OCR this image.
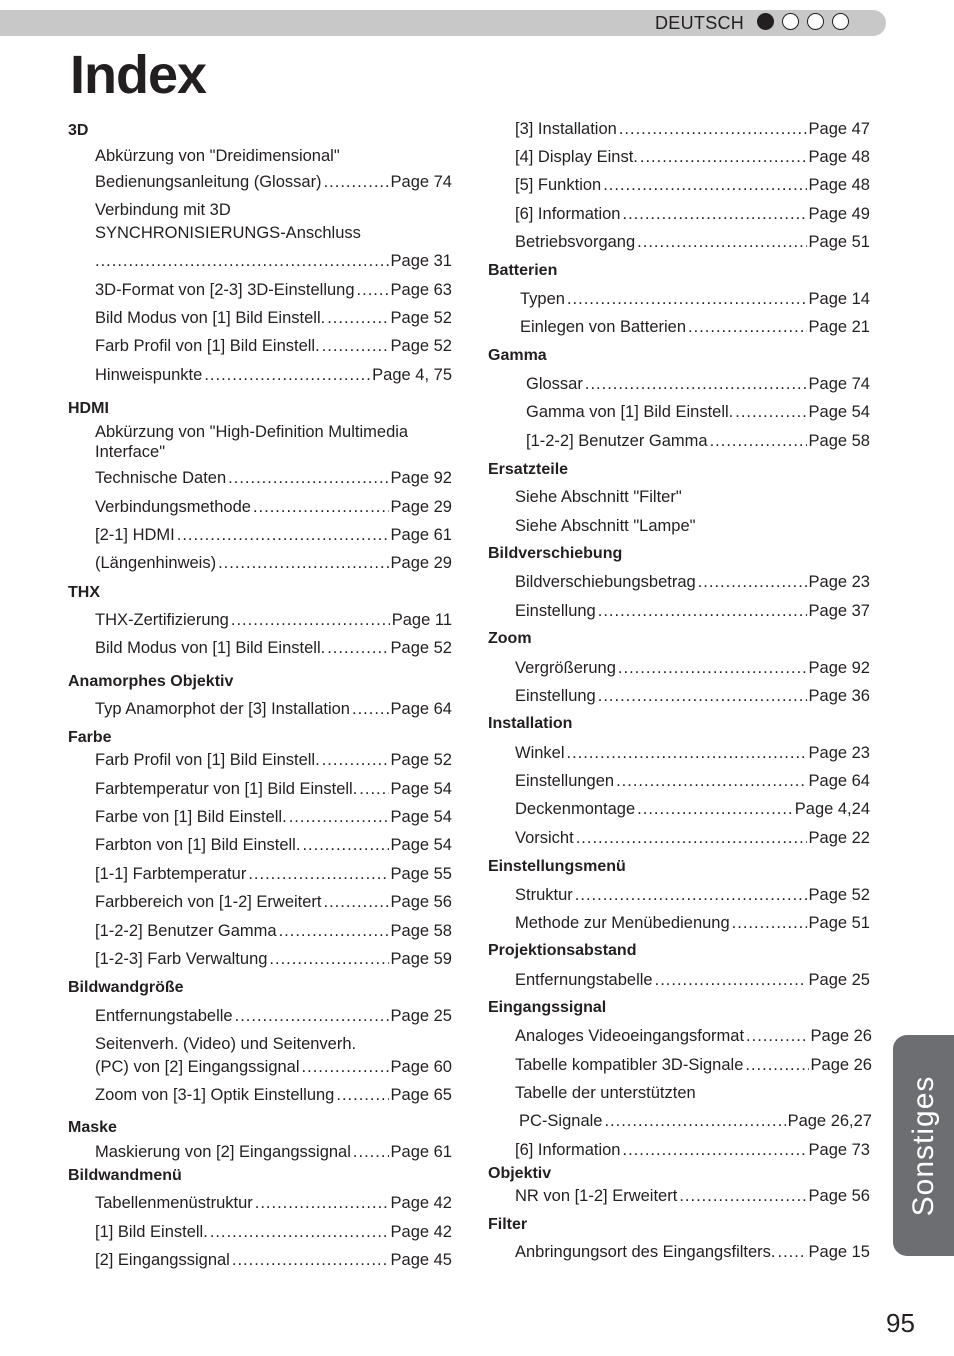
DEUTSCH
Index
3D
Abkürzung von "Dreidimensional"
Bedienungsanleitung (Glossar) .....	Page 74
Verbindung mit 3D
SYNCHRONISIERUNGS-Anschluss
.....
Page 31
3D-Format von [2-3] 3D-Einstellung ..... Page 63
Bild Modus von [1] Bild Einstell. .....	Page 52
Farb Profil von [1] Bild Einstell. .....	Page 52
Hinweispunkte .....	Page 4, 75
HDMI
Abkürzung von "High-Definition Multimedia
Interface"
Technische Daten .....	Page 92
Verbindungsmethode .....	Page 29
[2-1] HDMI .....	Page 61
(Längenhinweis) .....	Page 29
THX
THX-Zertifizierung .....	Page 11
Bild Modus von [1] Bild Einstell. .....	Page 52
Anamorphes Objektiv
Typ Anamorphot der [3] Installation ..... Page 64
Farbe
Farb Profil von [1] Bild Einstell. .....	Page 52
Farbtemperatur von [1] Bild Einstell. ..... Page 54
Farbe von [1] Bild Einstell. .....	Page 54
Farbton von [1] Bild Einstell. .....	Page 54
[1-1] Farbtemperatur .....	Page 55
Farbbereich von [1-2] Erweitert .....	Page 56
[1-2-2] Benutzer Gamma .....	Page 58
[1-2-3] Farb Verwaltung .....	Page 59
Bildwandgröße
Entfernungstabelle .....	Page 25
Seitenverh. (Video) und Seitenverh.
(PC) von [2] Eingangssignal .....	Page 60
Zoom von [3-1] Optik Einstellung .....	Page 65
Maske
Maskierung von [2] Eingangssignal ..... Page 61
Bildwandmenü
Tabellenmenüstruktur .....	Page 42
[1] Bild Einstell. .....	Page 42
[2] Eingangssignal .....	Page 45
[3] Installation .....	Page 47
[4] Display Einst. .....	Page 48
[5] Funktion .....	Page 48
[6] Information .....	Page 49
Betriebsvorgang .....	Page 51
Batterien
Typen .....	Page 14
Einlegen von Batterien .....	Page 21
Gamma
Glossar .....	Page 74
Gamma von [1] Bild Einstell. .....	Page 54
[1-2-2] Benutzer Gamma .....	Page 58
Ersatzteile
Siehe Abschnitt "Filter"
Siehe Abschnitt "Lampe"
Bildverschiebung
Bildverschiebungsbetrag .....	Page 23
Einstellung .....	Page 37
Zoom
Vergrößerung .....	Page 92
Einstellung .....	Page 36
Installation
Winkel .....	Page 23
Einstellungen .....	Page 64
Deckenmontage .....	Page 4,24
Vorsicht .....	Page 22
Einstellungsmenü
Struktur .....	Page 52
Methode zur Menübedienung .....	Page 51
Projektionsabstand
Entfernungstabelle .....	Page 25
Eingangssignal
Analoges Videoeingangsformat .....	Page 26
Tabelle kompatibler 3D-Signale .....	Page 26
Tabelle der unterstützten
PC-Signale .....	Page 26,27
[6] Information .....	Page 73
Objektiv
NR von [1-2] Erweitert .....	Page 56
Filter
Anbringungsort des Eingangsfilters. ..... Page 15
Sonstiges
95
